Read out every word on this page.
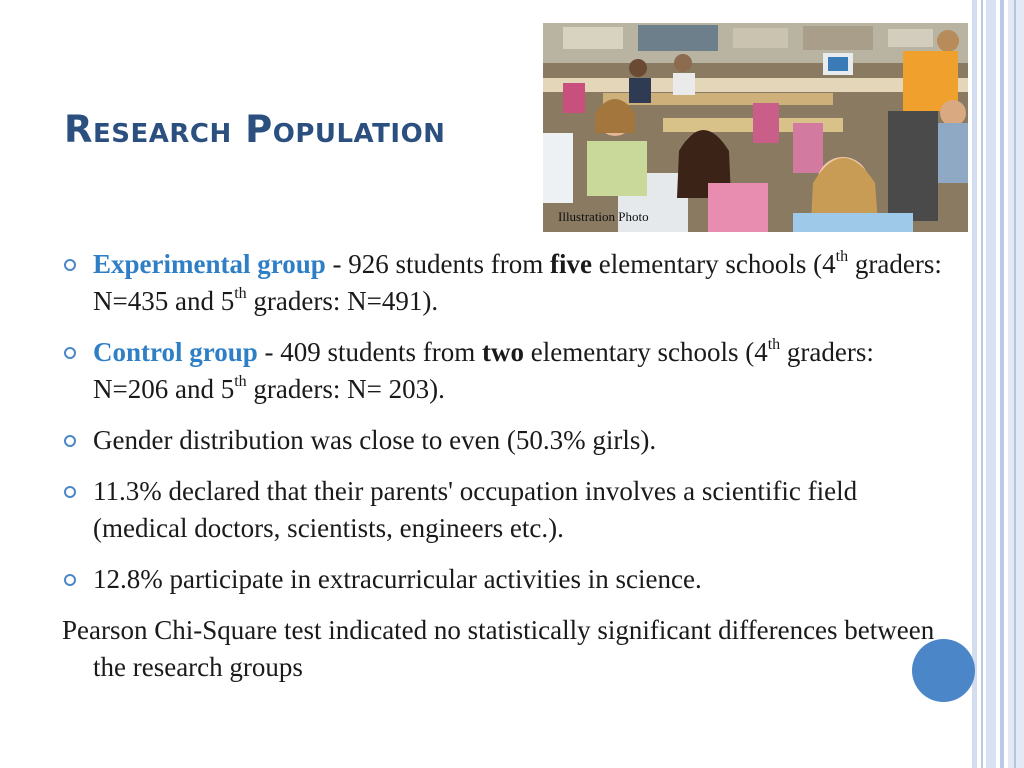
Research Population
Illustration Photo

Experimental group - 926 students from five elementary schools (4th graders: N=435 and 5th graders: N=491).

Control group - 409 students from two elementary schools (4th graders: N=206 and 5th graders: N= 203).

Gender distribution was close to even (50.3% girls).

11.3% declared that their parents' occupation involves a scientific field (medical doctors, scientists, engineers etc.).

12.8% participate in extracurricular activities in science.

Pearson Chi-Square test indicated no statistically significant differences between the research groups
